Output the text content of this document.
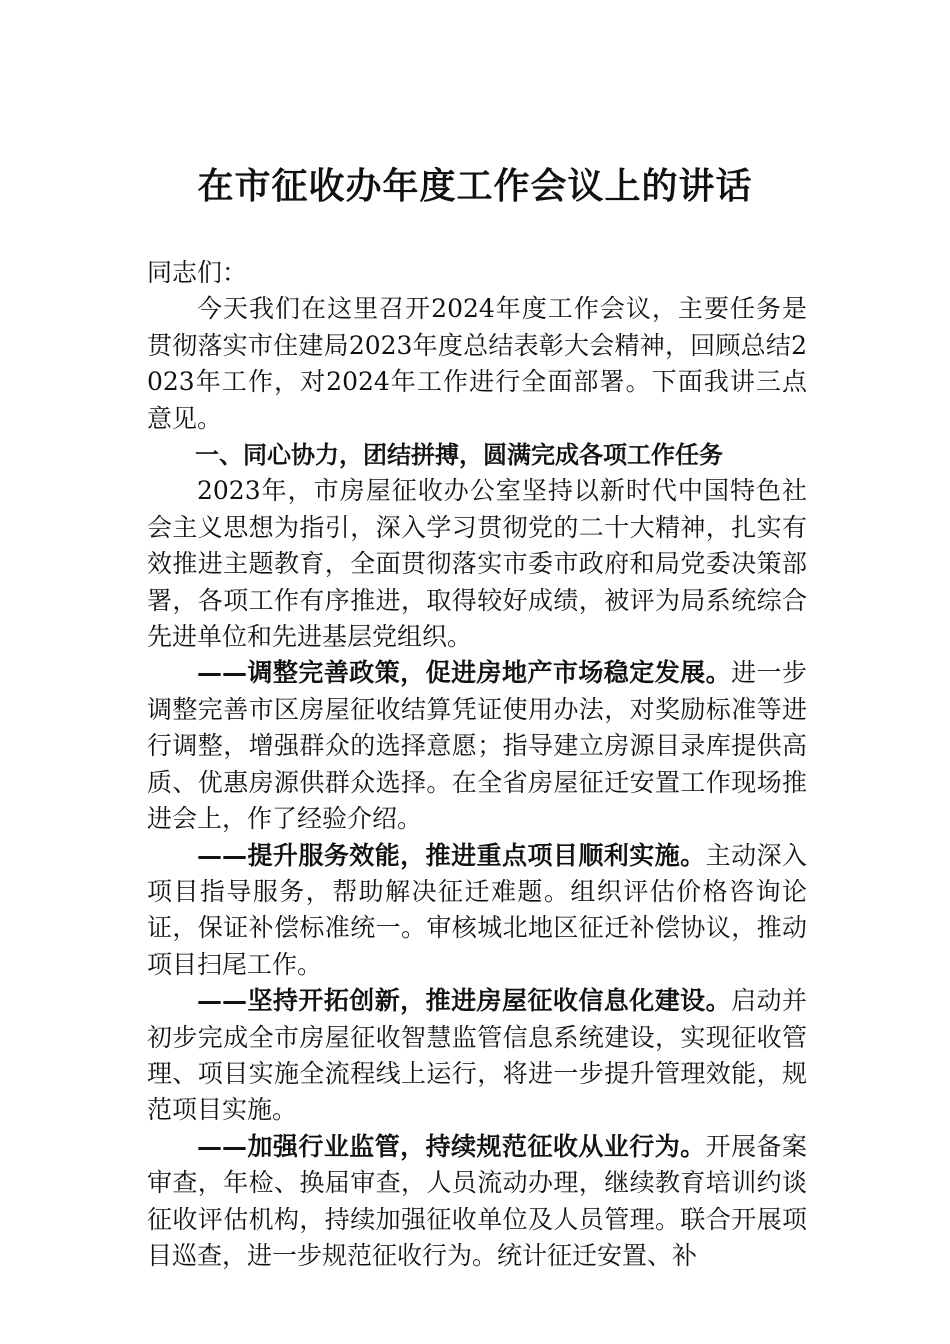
在市征收办年度工作会议上的讲话

同志们：

今天我们在这里召开2024年度工作会议，主要任务是贯彻落实市住建局2023年度总结表彰大会精神，回顾总结2023年工作，对2024年工作进行全面部署。下面我讲三点意见。

一、同心协力，团结拼搏，圆满完成各项工作任务

2023年，市房屋征收办公室坚持以新时代中国特色社会主义思想为指引，深入学习贯彻党的二十大精神，扎实有效推进主题教育，全面贯彻落实市委市政府和局党委决策部署，各项工作有序推进，取得较好成绩，被评为局系统综合先进单位和先进基层党组织。

——调整完善政策，促进房地产市场稳定发展。进一步调整完善市区房屋征收结算凭证使用办法，对奖励标准等进行调整，增强群众的选择意愿；指导建立房源目录库提供高质、优惠房源供群众选择。在全省房屋征迁安置工作现场推进会上，作了经验介绍。

——提升服务效能，推进重点项目顺利实施。主动深入项目指导服务，帮助解决征迁难题。组织评估价格咨询论证，保证补偿标准统一。审核城北地区征迁补偿协议，推动项目扫尾工作。

——坚持开拓创新，推进房屋征收信息化建设。启动并初步完成全市房屋征收智慧监管信息系统建设，实现征收管理、项目实施全流程线上运行，将进一步提升管理效能，规范项目实施。

——加强行业监管，持续规范征收从业行为。开展备案审查，年检、换届审查，人员流动办理，继续教育培训约谈征收评估机构，持续加强征收单位及人员管理。联合开展项目巡查，进一步规范征收行为。统计征迁安置、补
